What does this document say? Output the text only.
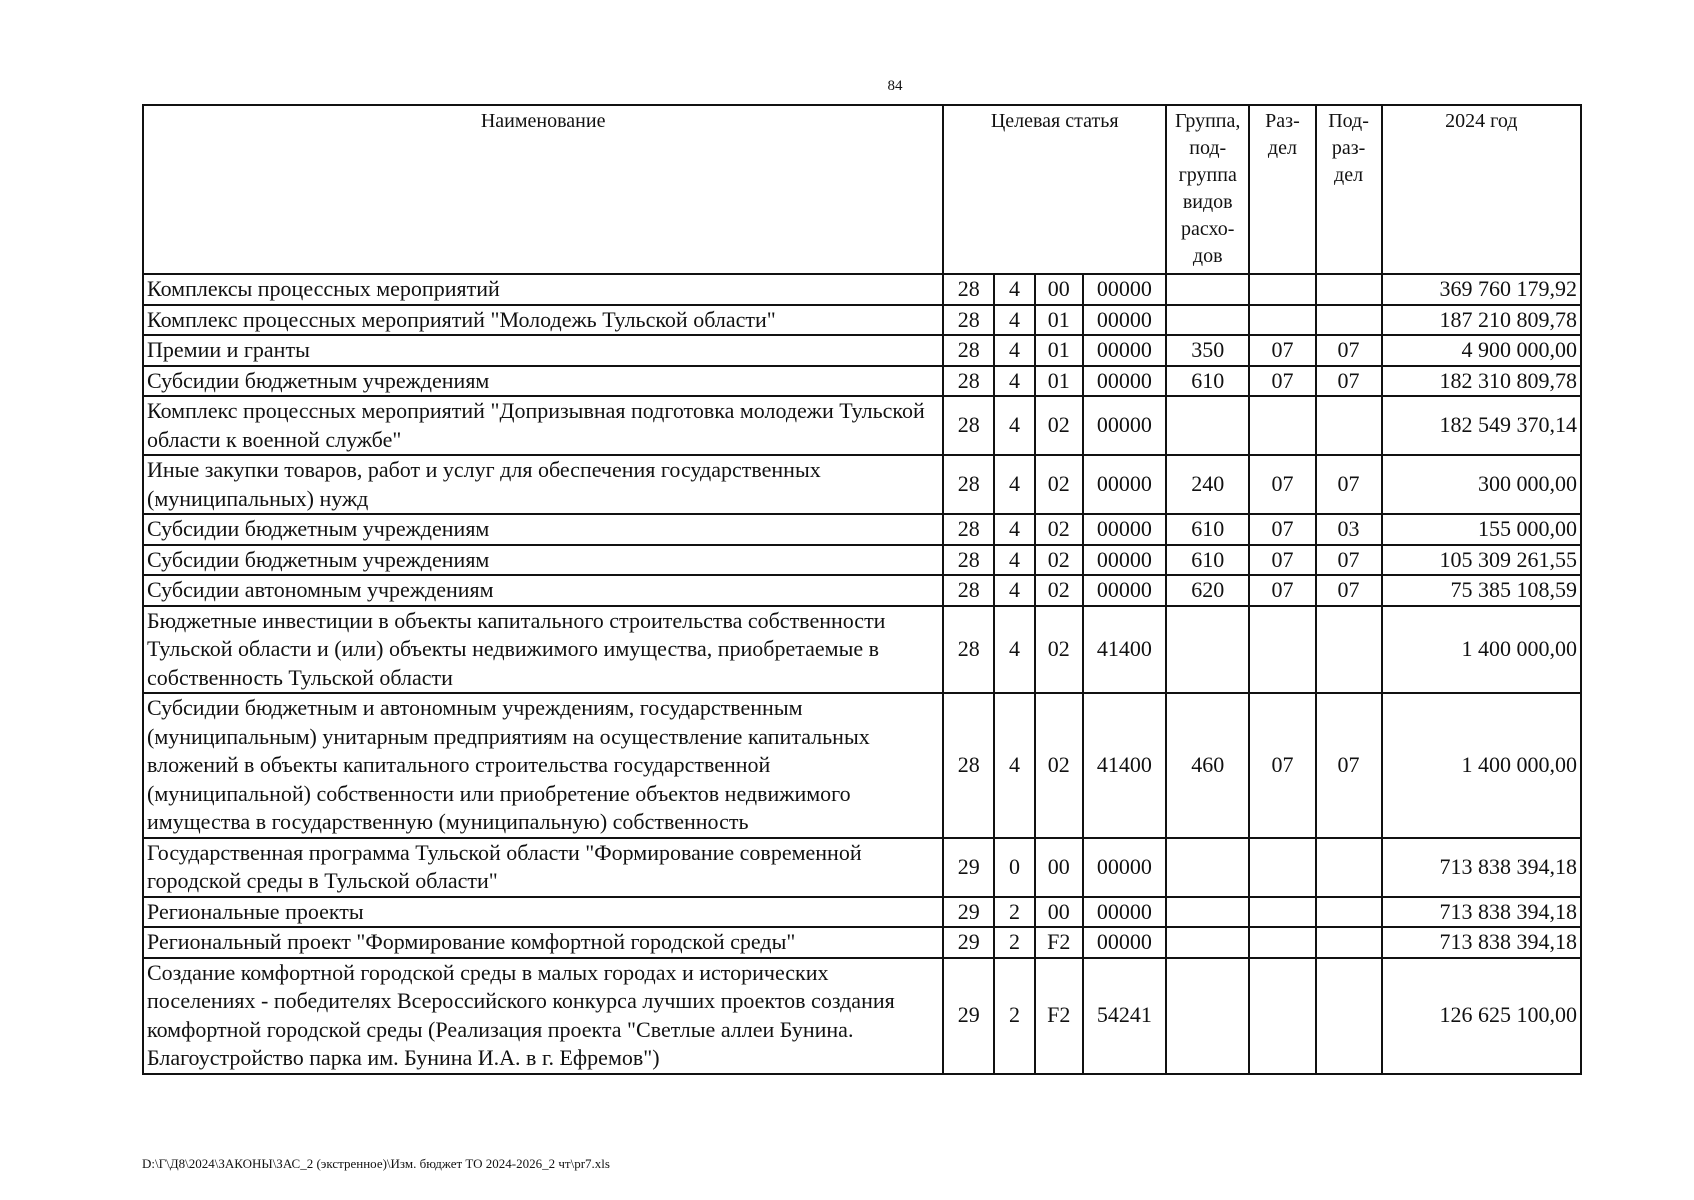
84
Наименование	Целевая статья				Группа, под-группа видов расхо-дов	Раз-дел	Под-раз-дел	2024 год
Комплексы процессных мероприятий	28	4	00	00000				369 760 179,92
Комплекс процессных мероприятий "Молодежь Тульской области"	28	4	01	00000				187 210 809,78
Премии и гранты	28	4	01	00000	350	07	07	4 900 000,00
Субсидии бюджетным учреждениям	28	4	01	00000	610	07	07	182 310 809,78
Комплекс процессных мероприятий "Допризывная подготовка молодежи Тульской области к военной службе"	28	4	02	00000				182 549 370,14
Иные закупки товаров, работ и услуг для обеспечения государственных (муниципальных) нужд	28	4	02	00000	240	07	07	300 000,00
Субсидии бюджетным учреждениям	28	4	02	00000	610	07	03	155 000,00
Субсидии бюджетным учреждениям	28	4	02	00000	610	07	07	105 309 261,55
Субсидии автономным учреждениям	28	4	02	00000	620	07	07	75 385 108,59
Бюджетные инвестиции в объекты капитального строительства собственности Тульской области и (или) объекты недвижимого имущества, приобретаемые в собственность Тульской области	28	4	02	41400				1 400 000,00
Субсидии бюджетным и автономным учреждениям, государственным (муниципальным) унитарным предприятиям на осуществление капитальных вложений в объекты капитального строительства государственной (муниципальной) собственности или приобретение объектов недвижимого имущества в государственную (муниципальную) собственность	28	4	02	41400	460	07	07	1 400 000,00
Государственная программа Тульской области "Формирование современной городской среды в Тульской области"	29	0	00	00000				713 838 394,18
Региональные проекты	29	2	00	00000				713 838 394,18
Региональный проект "Формирование комфортной городской среды"	29	2	F2	00000				713 838 394,18
Создание комфортной городской среды в малых городах и исторических поселениях - победителях Всероссийского конкурса лучших проектов создания комфортной городской среды (Реализация проекта "Светлые аллеи Бунина. Благоустройство парка им. Бунина И.А. в г. Ефремов")	29	2	F2	54241				126 625 100,00
D:\Г\Д8\2024\ЗАКОНЫ\ЗАС_2 (экстренное)\Изм. бюджет ТО 2024-2026_2 чт\pr7.xls
